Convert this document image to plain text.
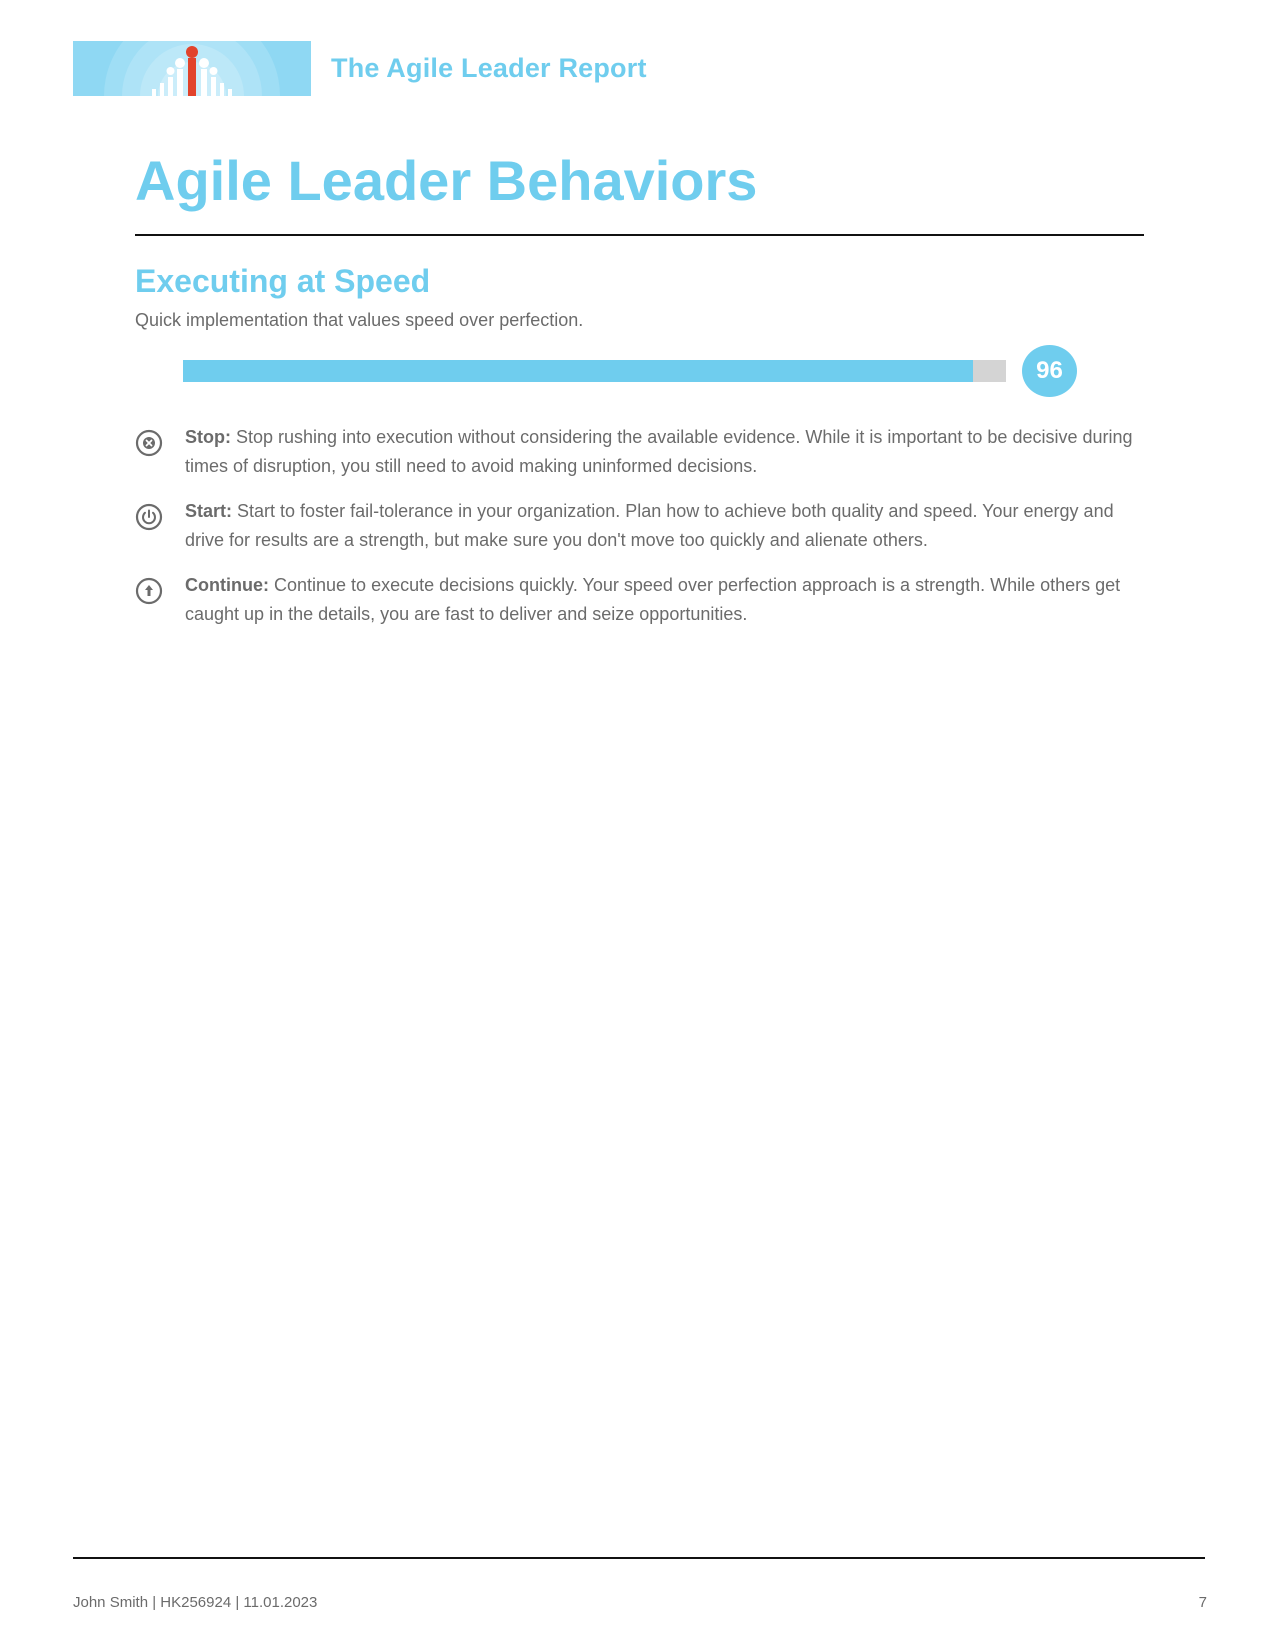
The Agile Leader Report
Agile Leader Behaviors
Executing at Speed

Quick implementation that values speed over perfection.

96

Stop: Stop rushing into execution without considering the available evidence. While it is important to be decisive during times of disruption, you still need to avoid making uninformed decisions.

Start: Start to foster fail-tolerance in your organization. Plan how to achieve both quality and speed. Your energy and drive for results are a strength, but make sure you don't move too quickly and alienate others.

Continue: Continue to execute decisions quickly. Your speed over perfection approach is a strength. While others get caught up in the details, you are fast to deliver and seize opportunities.

John Smith | HK256924 | 11.01.2023	7
